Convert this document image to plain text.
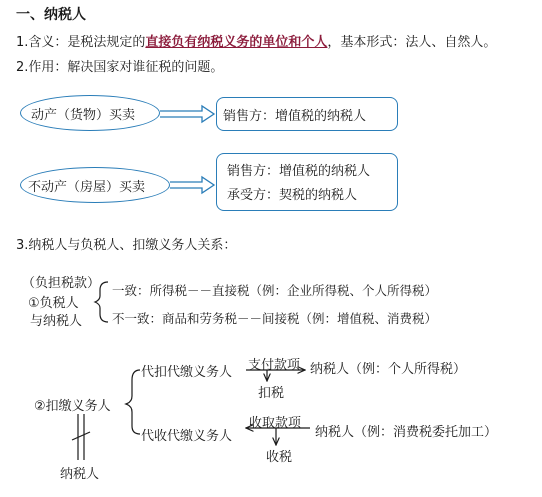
一、纳税人
1.含义：是税法规定的直接负有纳税义务的单位和个人，基本形式：法人、自然人。
2.作用：解决国家对谁征税的问题。
动产（货物）买卖	销售方：增值税的纳税人
不动产（房屋）买卖
销售方：增值税的纳税人
承受方：契税的纳税人
3.纳税人与负税人、扣缴义务人关系：
（负担税款）
①负税人
与纳税人
一致：所得税－－直接税（例：企业所得税、个人所得税）
不一致：商品和劳务税－－间接税（例：增值税、消费税）
②扣缴义务人
代扣代缴义务人 支付款项 纳税人（例：个人所得税）
扣税
代收代缴义务人
收取款项
纳税人（例：消费税委托加工）
收税
纳税人
